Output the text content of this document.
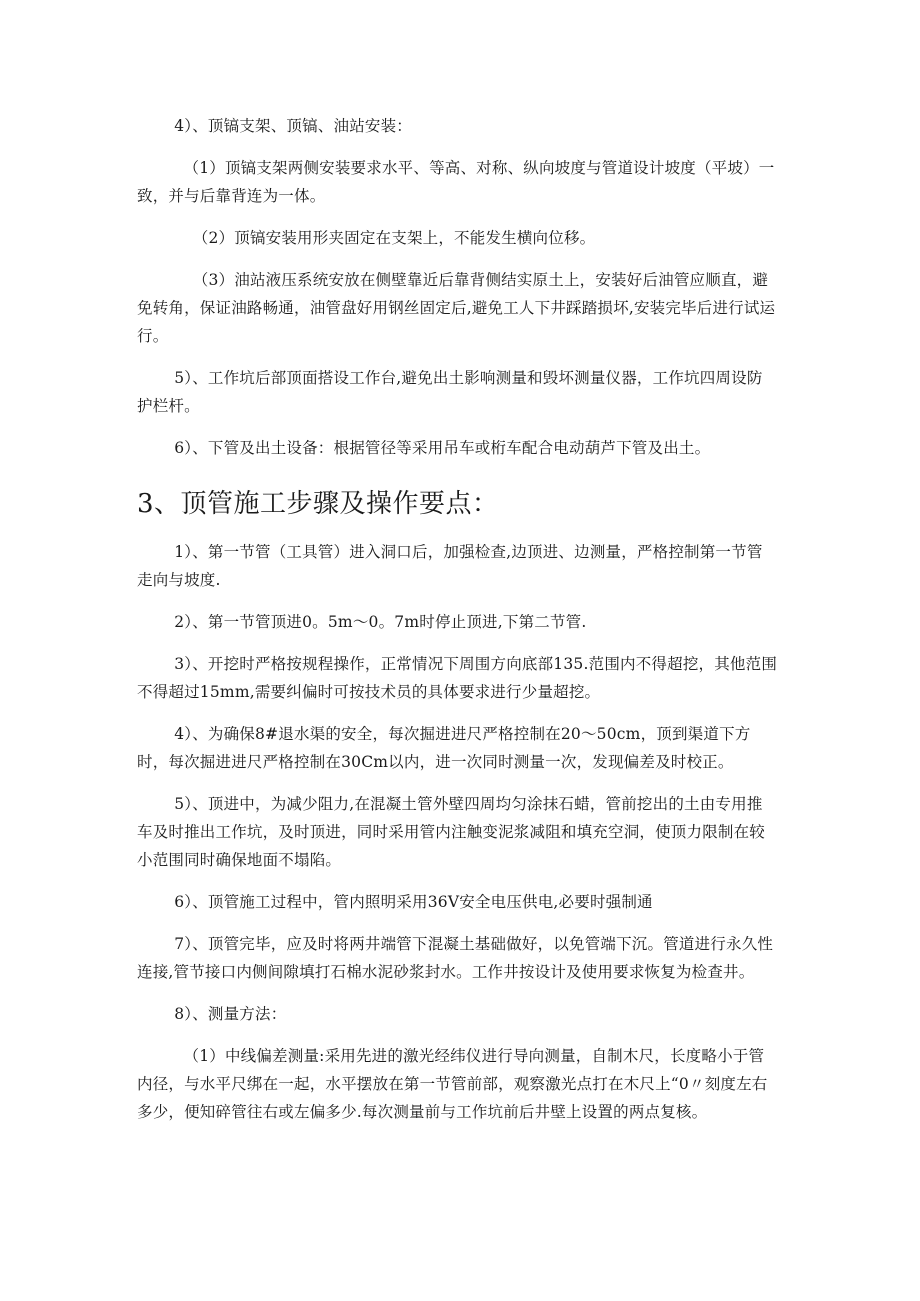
4）、顶镐支架、顶镐、油站安装：

（1）顶镐支架两侧安装要求水平、等高、对称、纵向坡度与管道设计坡度（平坡）一致，并与后靠背连为一体。

（2）顶镐安装用形夹固定在支架上，不能发生横向位移。

（3）油站液压系统安放在侧壁靠近后靠背侧结实原土上，安装好后油管应顺直，避免转角，保证油路畅通，油管盘好用钢丝固定后,避免工人下井踩踏损坏,安装完毕后进行试运行。

5）、工作坑后部顶面搭设工作台,避免出土影响测量和毁坏测量仪器，工作坑四周设防护栏杆。

6）、下管及出土设备：根据管径等采用吊车或桁车配合电动葫芦下管及出土。

3、顶管施工步骤及操作要点：

1）、第一节管（工具管）进入洞口后，加强检查,边顶进、边测量，严格控制第一节管走向与坡度.

2）、第一节管顶进0。5m～0。7m时停止顶进,下第二节管.

3）、开挖时严格按规程操作，正常情况下周围方向底部135.范围内不得超挖，其他范围不得超过15mm,需要纠偏时可按技术员的具体要求进行少量超挖。

4）、为确保8#退水渠的安全，每次掘进进尺严格控制在20～50cm，顶到渠道下方时，每次掘进进尺严格控制在30Cm以内，进一次同时测量一次，发现偏差及时校正。

5）、顶进中，为减少阻力,在混凝土管外壁四周均匀涂抹石蜡，管前挖出的土由专用推车及时推出工作坑，及时顶进，同时采用管内注触变泥浆减阻和填充空洞，使顶力限制在较小范围同时确保地面不塌陷。

6）、顶管施工过程中，管内照明采用36V安全电压供电,必要时强制通

7）、顶管完毕，应及时将两井端管下混凝土基础做好，以免管端下沉。管道进行永久性连接,管节接口内侧间隙填打石棉水泥砂浆封水。工作井按设计及使用要求恢复为检查井。

8）、测量方法：

（1）中线偏差测量:采用先进的激光经纬仪进行导向测量，自制木尺，长度略小于管内径，与水平尺绑在一起，水平摆放在第一节管前部，观察激光点打在木尺上“0〃刻度左右多少，便知碎管往右或左偏多少.每次测量前与工作坑前后井壁上设置的两点复核。
